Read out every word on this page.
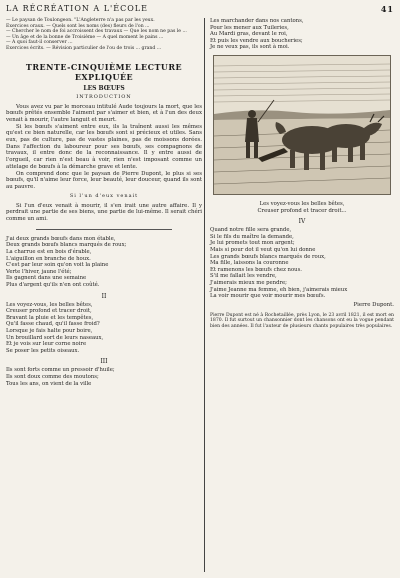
LA RÉCRÉATION A L'ÉCOLE	41

— Le paysan de Toulongeon. "L'Angleterre n'a pas par les yeux.

Exercices oraux. — Quels sont les noms (des) fleurs de l'on ...

— Chercher le nom de foi accroissent des travaux — Que les nom ne pas le ...

— Un âge et de la bonne de Troisième — A quel moment le pains ...

— A quoi faut-il conserver ...

Exercices écrits. — Révision particulier de l'ou de trois ... grand ...

TRENTE-CINQUIÈME LECTURE EXPLIQUÉE
LES BŒUFS
INTRODUCTION

Vous avez vu par le morceau intitulé Aude toujours la mort, que les bœufs prêtés ensemble l'aiment par s'aimer et bien, et à l'un des deux venait à mourir, l'autre languit et meurt.

Si les bœufs s'aiment entre eux, ils la traînent aussi les mêmes qu'est ce bien naturelle, car les bœufs sont si précieux et utiles. Sans eux, pas de culture, pas de vastes plaines, pas de moissons dorées. Dans l'affection du laboureur pour ses bœufs, ses compagnons de travaux, il entre donc de la reconnaissance. Il y entre aussi de l'orgueil, car rien n'est beau à voir, rien n'est imposant comme un attelage de bœufs à la démarche grave et lente.

On comprend donc que le paysan de Pierre Dupont, le plus si ses bœufs, qu'il n'aime leur force, leur beauté, leur douceur, quand ils sont au pauvre.

Si l'un d'eux venait

Si l'un d'eux venait à mourir, il s'en irait une autre affaire. Il y perdrait une partie de ses biens, une partie de lui-même. Il serait chéri comme un ami.

J'ai deux grands bœufs dans mon étable,
Deux grands bœufs blancs marqués de roux;
La charrue est en bois d'érable,
L'aiguillon en branche de houx.
C'est par leur soin qu'on voit la plaine
Verte l'hiver, jaune l'été;
Ils gagnent dans une semaine
Plus d'argent qu'ils n'en ont coûté.
II
Les voyez-vous, les belles bêtes,
Creuser profond et tracer droit,
Bravant la pluie et les tempêtes,
Qu'il fasse chaud, qu'il fasse froid?
Lorsque je fais halte pour boire,
Un brouillard sort de leurs naseaux,
Et je vois sur leur corne noire
Se poser les petits oiseaux.
III
Ils sont forts comme un pressoir d'huile;
Ils sont doux comme des moutons;
Tous les ans, on vient de la ville
Les marchander dans nos cantons,
Pour les mener aux Tuileries,
Au Mardi gras, devant le roi,
Et puis les vendre aux boucheries;
Je ne veux pas, ils sont à moi.
Les voyez-vous les belles bêtes,
Creuser profond et tracer droit...
IV
Quand notre fille sera grande,
Si le fils du maître la demande,
Je lui promets tout mon argent;
Mais si pour dot il veut qu'on lui donne
Les grands bœufs blancs marqués de roux,
Ma fille, laissons la couronne
Et ramenons les bœufs chez nous.
S'il me fallait les vendre,
J'aimerais mieux me pendre;
J'aime Jeanne ma femme, eh bien, j'aimerais mieux
La voir mourir que voir mourir mes bœufs.
Pierre Dupont.

Pierre Dupont est né à Rochetaillée, près Lyon, le 23 avril 1821, il est mort en 1870. Il fut surtout un chansonnier dont les chansons ont eu la vogue pendant bien des années. Il fut l'auteur de plusieurs chants populaires très populaires.
